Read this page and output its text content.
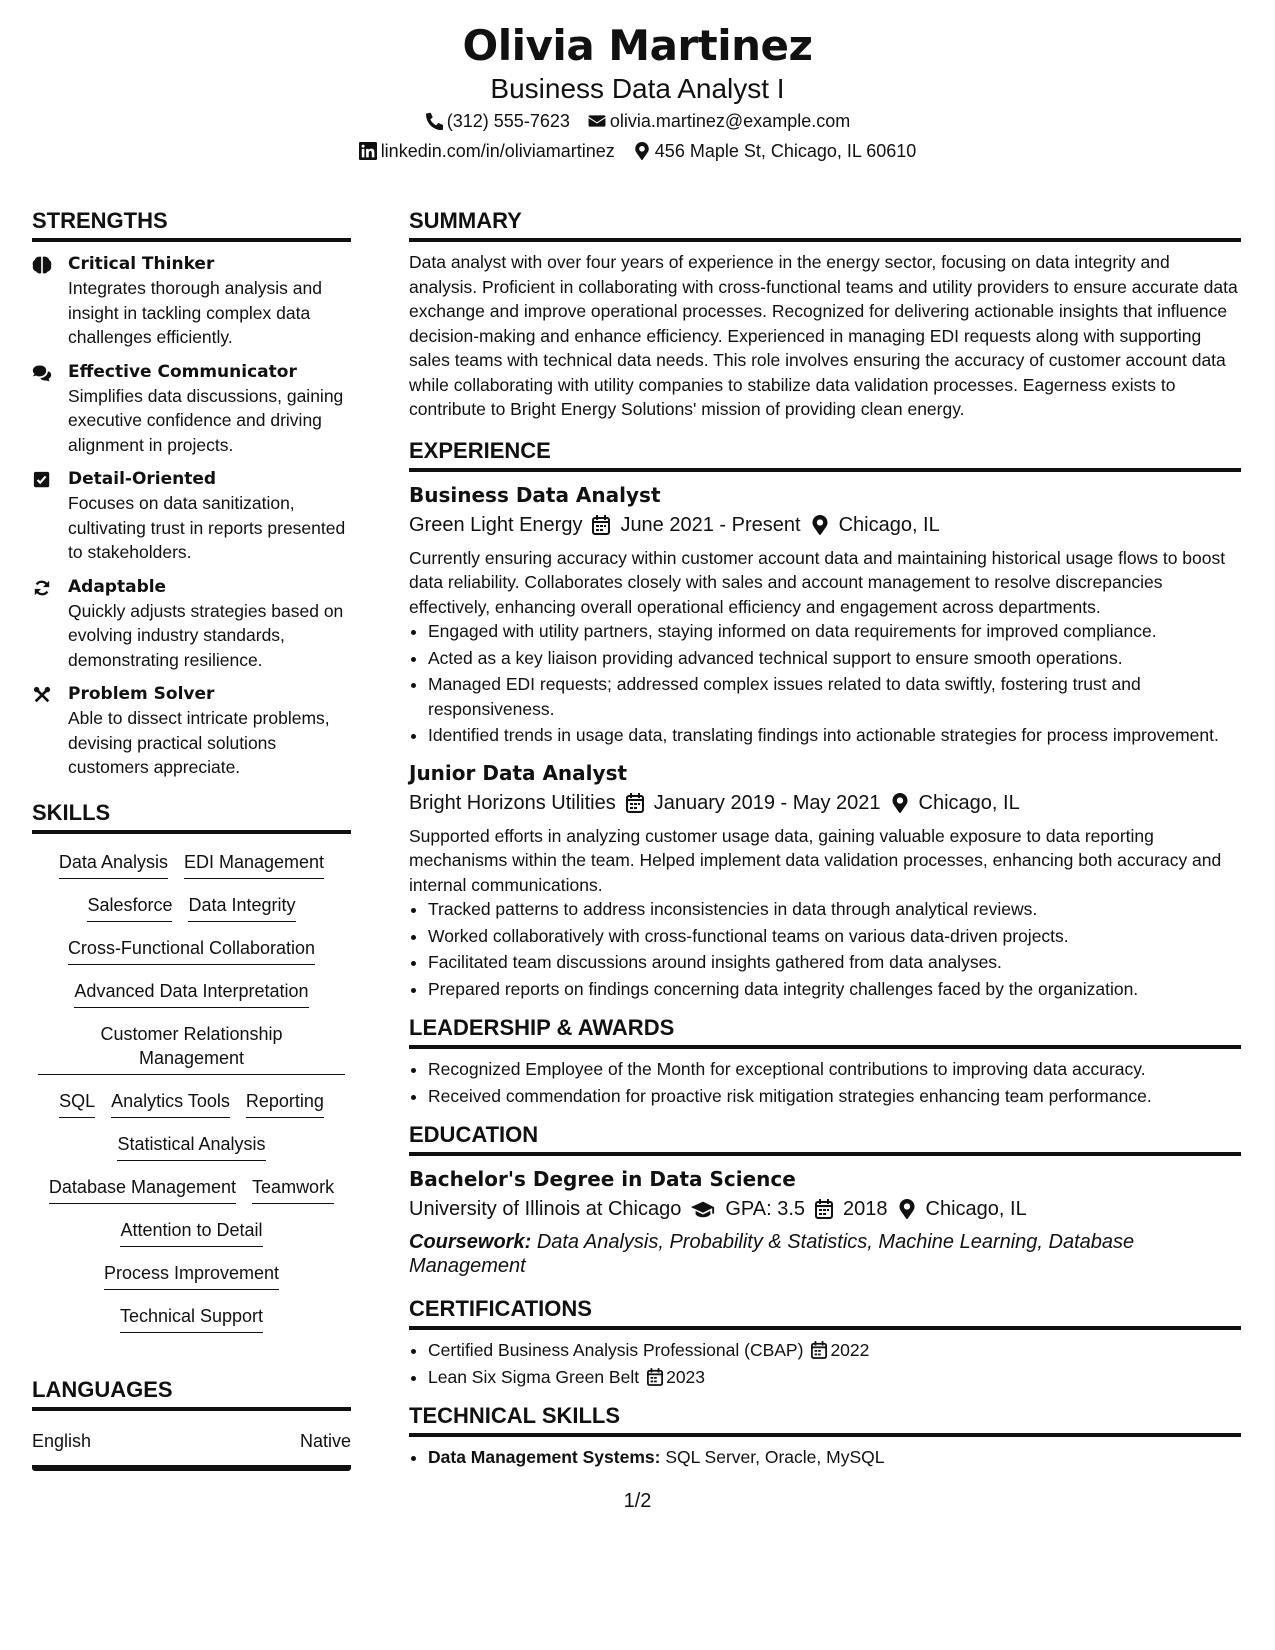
Olivia Martinez
Business Data Analyst I
(312) 555-7623 olivia.martinez@example.com
linkedin.com/in/oliviamartinez 456 Maple St, Chicago, IL 60610
STRENGTHS
Critical Thinker
Integrates thorough analysis and insight in tackling complex data challenges efficiently.
Effective Communicator
Simplifies data discussions, gaining executive confidence and driving alignment in projects.
Detail-Oriented
Focuses on data sanitization, cultivating trust in reports presented to stakeholders.
Adaptable
Quickly adjusts strategies based on evolving industry standards, demonstrating resilience.
Problem Solver
Able to dissect intricate problems, devising practical solutions customers appreciate.
SKILLS
Data Analysis EDI Management
Salesforce Data Integrity
Cross-Functional Collaboration
Advanced Data Interpretation
Customer Relationship Management
SQL Analytics Tools Reporting
Statistical Analysis
Database Management Teamwork
Attention to Detail
Process Improvement
Technical Support
LANGUAGES
English	Native
SUMMARY
Data analyst with over four years of experience in the energy sector, focusing on data integrity and analysis. Proficient in collaborating with cross-functional teams and utility providers to ensure accurate data exchange and improve operational processes. Recognized for delivering actionable insights that influence decision-making and enhance efficiency. Experienced in managing EDI requests along with supporting sales teams with technical data needs. This role involves ensuring the accuracy of customer account data while collaborating with utility companies to stabilize data validation processes. Eagerness exists to contribute to Bright Energy Solutions' mission of providing clean energy.
EXPERIENCE
Business Data Analyst
Green Light Energy June 2021 - Present Chicago, IL
Currently ensuring accuracy within customer account data and maintaining historical usage flows to boost data reliability. Collaborates closely with sales and account management to resolve discrepancies effectively, enhancing overall operational efficiency and engagement across departments.
• Engaged with utility partners, staying informed on data requirements for improved compliance.
• Acted as a key liaison providing advanced technical support to ensure smooth operations.
• Managed EDI requests; addressed complex issues related to data swiftly, fostering trust and responsiveness.
• Identified trends in usage data, translating findings into actionable strategies for process improvement.
Junior Data Analyst
Bright Horizons Utilities January 2019 - May 2021 Chicago, IL
Supported efforts in analyzing customer usage data, gaining valuable exposure to data reporting mechanisms within the team. Helped implement data validation processes, enhancing both accuracy and internal communications.
• Tracked patterns to address inconsistencies in data through analytical reviews.
• Worked collaboratively with cross-functional teams on various data-driven projects.
• Facilitated team discussions around insights gathered from data analyses.
• Prepared reports on findings concerning data integrity challenges faced by the organization.
LEADERSHIP & AWARDS
• Recognized Employee of the Month for exceptional contributions to improving data accuracy.
• Received commendation for proactive risk mitigation strategies enhancing team performance.
EDUCATION
Bachelor's Degree in Data Science
University of Illinois at Chicago GPA: 3.5 2018 Chicago, IL
Coursework: Data Analysis, Probability & Statistics, Machine Learning, Database Management
CERTIFICATIONS
• Certified Business Analysis Professional (CBAP) 2022
• Lean Six Sigma Green Belt 2023
TECHNICAL SKILLS
• Data Management Systems: SQL Server, Oracle, MySQL
1/2
